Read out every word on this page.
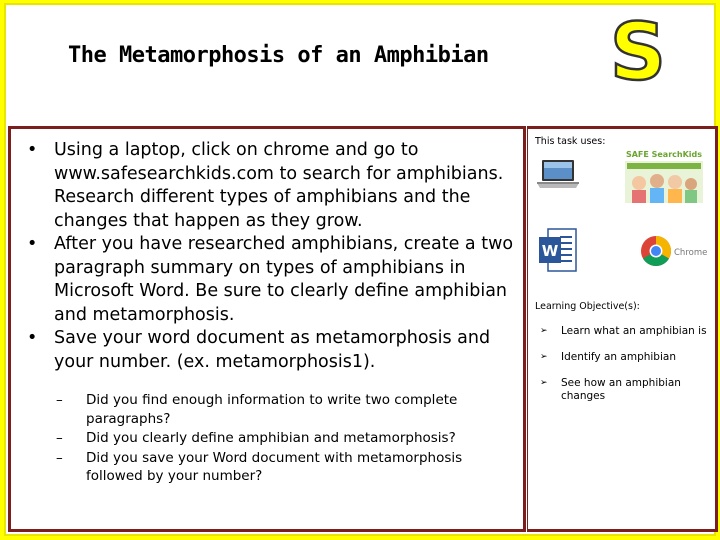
The Metamorphosis of an Amphibian S
• Using a laptop, click on chrome and go to www.safesearchkids.com to search for amphibians. Research different types of amphibians and the changes that happen as they grow.
• After you have researched amphibians, create a two paragraph summary on types of amphibians in Microsoft Word. Be sure to clearly define amphibian and metamorphosis.
• Save your word document as metamorphosis and your number. (ex. metamorphosis1).
– Did you find enough information to write two complete paragraphs?
– Did you clearly define amphibian and metamorphosis?
– Did you save your Word document with metamorphosis followed by your number?
This task uses:
SAFE SearchKids
W	Chrome
Learning Objective(s):
➢ Learn what an amphibian is
➢ Identify an amphibian
➢ See how an amphibian changes
